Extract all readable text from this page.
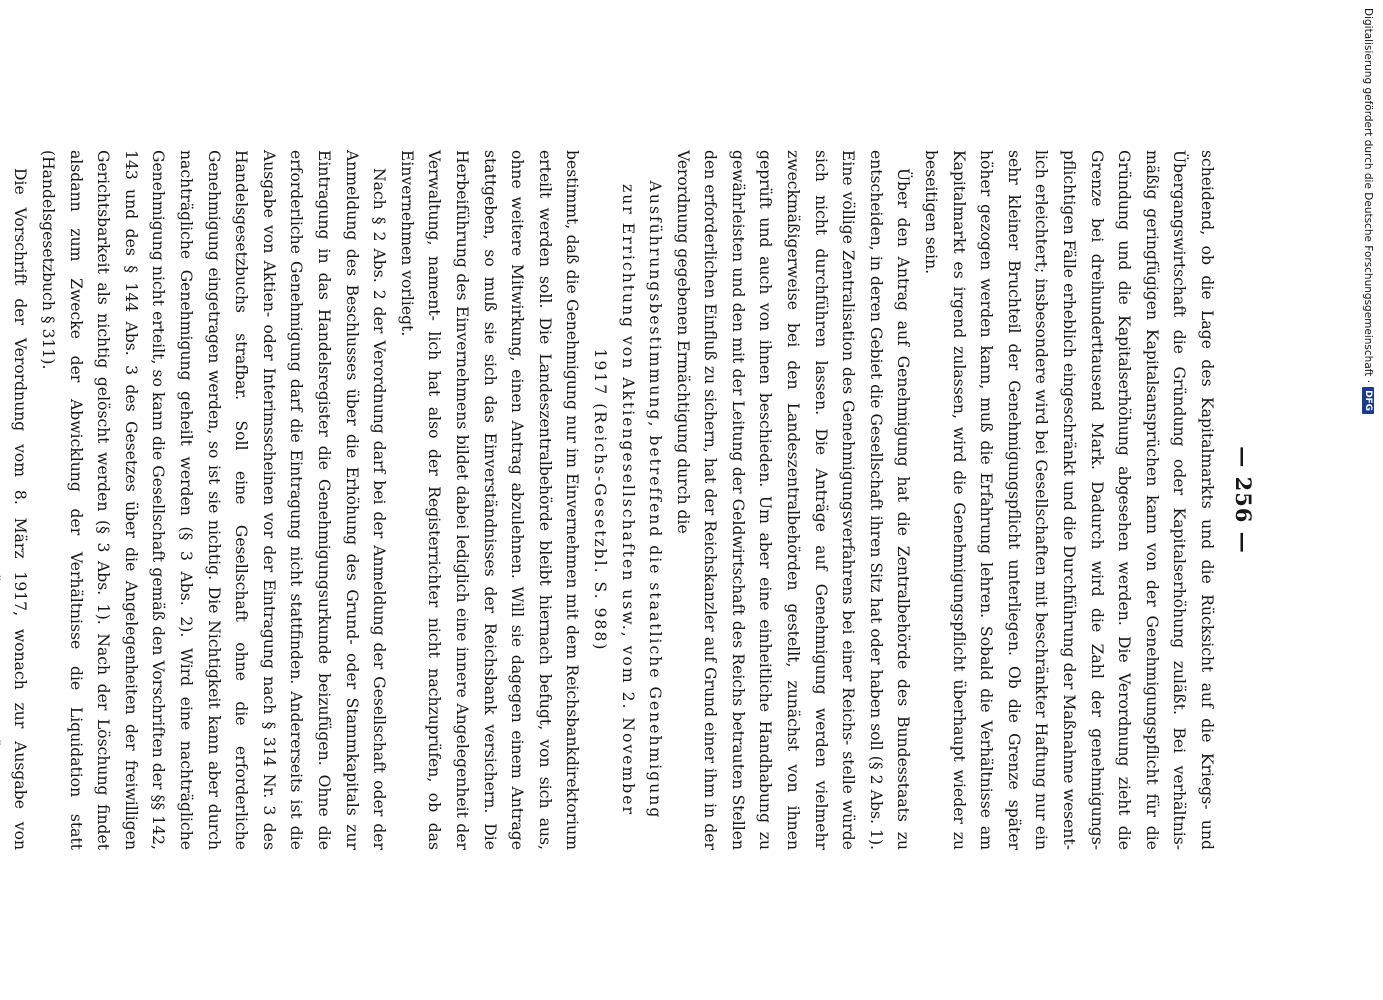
— 256 —

scheidend, ob die Lage des Kapitalmarkts und die Rücksicht auf die Kriegs- und Übergangswirtschaft die Gründung oder Kapitalserhöhung zuläßt. Bei verhältnis- mäßig geringfügigen Kapitalsansprüchen kann von der Genehmigungspflicht für die Gründung und die Kapitalserhöhung abgesehen werden. Die Verordnung zieht die Grenze bei dreihunderttausend Mark. Dadurch wird die Zahl der genehmigungs- pflichtigen Fälle erheblich eingeschränkt und die Durchführung der Maßnahme wesent- lich erleichtert; insbesondere wird bei Gesellschaften mit beschränkter Haftung nur ein sehr kleiner Bruchteil der Genehmigungspflicht unterliegen. Ob die Grenze später höher gezogen werden kann, muß die Erfahrung lehren. Sobald die Verhältnisse am Kapitalmarkt es irgend zulassen, wird die Genehmigungspflicht überhaupt wieder zu beseitigen sein.

Über den Antrag auf Genehmigung hat die Zentralbehörde des Bundesstaats zu entscheiden, in deren Gebiet die Gesellschaft ihren Sitz hat oder haben soll (§ 2 Abs. 1). Eine völlige Zentralisation des Genehmigungsverfahrens bei einer Reichs- stelle würde sich nicht durchführen lassen. Die Anträge auf Genehmigung werden vielmehr zweckmäßigerweise bei den Landeszentralbehörden gestellt, zunächst von ihnen geprüft und auch von ihnen beschieden. Um aber eine einheitliche Handhabung zu gewährleisten und den mit der Leitung der Geldwirtschaft des Reichs betrauten Stellen den erforderlichen Einfluß zu sichern, hat der Reichskanzler auf Grund einer ihm in der Verordnung gegebenen Ermächtigung durch die

Ausführungsbestimmung, betreffend die staatliche Genehmigung
zur Errichtung von Aktiengesellschaften usw., vom 2. November
1917 (Reichs-Gesetzbl. S. 988)

bestimmt, daß die Genehmigung nur im Einvernehmen mit dem Reichsbankdirektorium erteilt werden soll. Die Landeszentralbehörde bleibt hiernach befugt, von sich aus, ohne weitere Mitwirkung, einen Antrag abzulehnen. Will sie dagegen einem Antrage stattgeben, so muß sie sich das Einverständnisses der Reichsbank versichern. Die Herbeiführung des Einvernehmens bildet dabei lediglich eine innere Angelegenheit der Verwaltung, nament- lich hat also der Registerrichter nicht nachzuprüfen, ob das Einvernehmen vorliegt.

Nach § 2 Abs. 2 der Verordnung darf bei der Anmeldung der Gesellschaft oder der Anmeldung des Beschlusses über die Erhöhung des Grund- oder Stammkapitals zur Eintragung in das Handelsregister die Genehmigungsurkunde beizufügen. Ohne die erforderliche Genehmigung darf die Eintragung nicht stattfinden. Andererseits ist die Ausgabe von Aktien- oder Interimsscheinen vor der Eintragung nach § 314 Nr. 3 des Handelsgesetzbuchs strafbar. Soll eine Gesellschaft ohne die erforderliche Genehmigung eingetragen werden, so ist sie nichtig. Die Nichtigkeit kann aber durch nachträgliche Genehmigung geheilt werden (§ 3 Abs. 2). Wird eine nachträgliche Genehmigung nicht erteilt, so kann die Gesellschaft gemäß den Vorschriften der §§ 142, 143 und des § 144 Abs. 3 des Gesetzes über die Angelegenheiten der freiwilligen Gerichtsbarkeit als nichtig gelöscht werden (§ 3 Abs. 1). Nach der Löschung findet alsdann zum Zwecke der Abwicklung der Verhältnisse die Liquidation statt (Handelsgesetzbuch § 311).

Die Vorschrift der Verordnung vom 8. März 1917, wonach zur Ausgabe von

Digitalisierung gefördert durch die Deutsche Forschungsgemeinschaft ·
DFG
